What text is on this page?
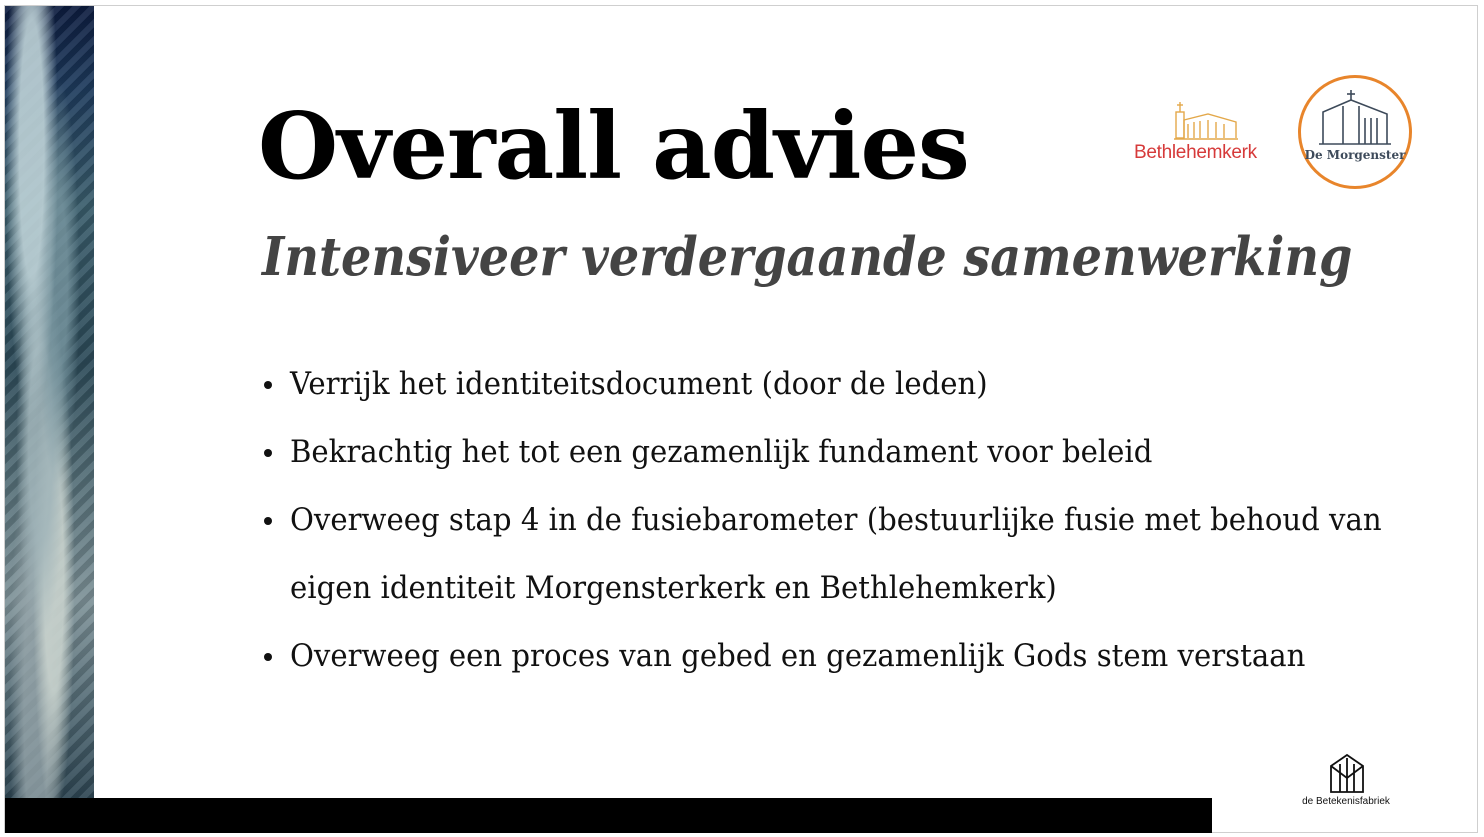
Overall advies
Intensiveer verdergaande samenwerking
Verrijk het identiteitsdocument (door de leden)
Bekrachtig het tot een gezamenlijk fundament voor beleid
Overweeg stap 4 in de fusiebarometer (bestuurlijke fusie met behoud van eigen identiteit Morgensterkerk en Bethlehemkerk)
Overweeg een proces van gebed en gezamenlijk Gods stem verstaan
Bethlehemkerk	De Morgenster
de Betekenisfabriek
